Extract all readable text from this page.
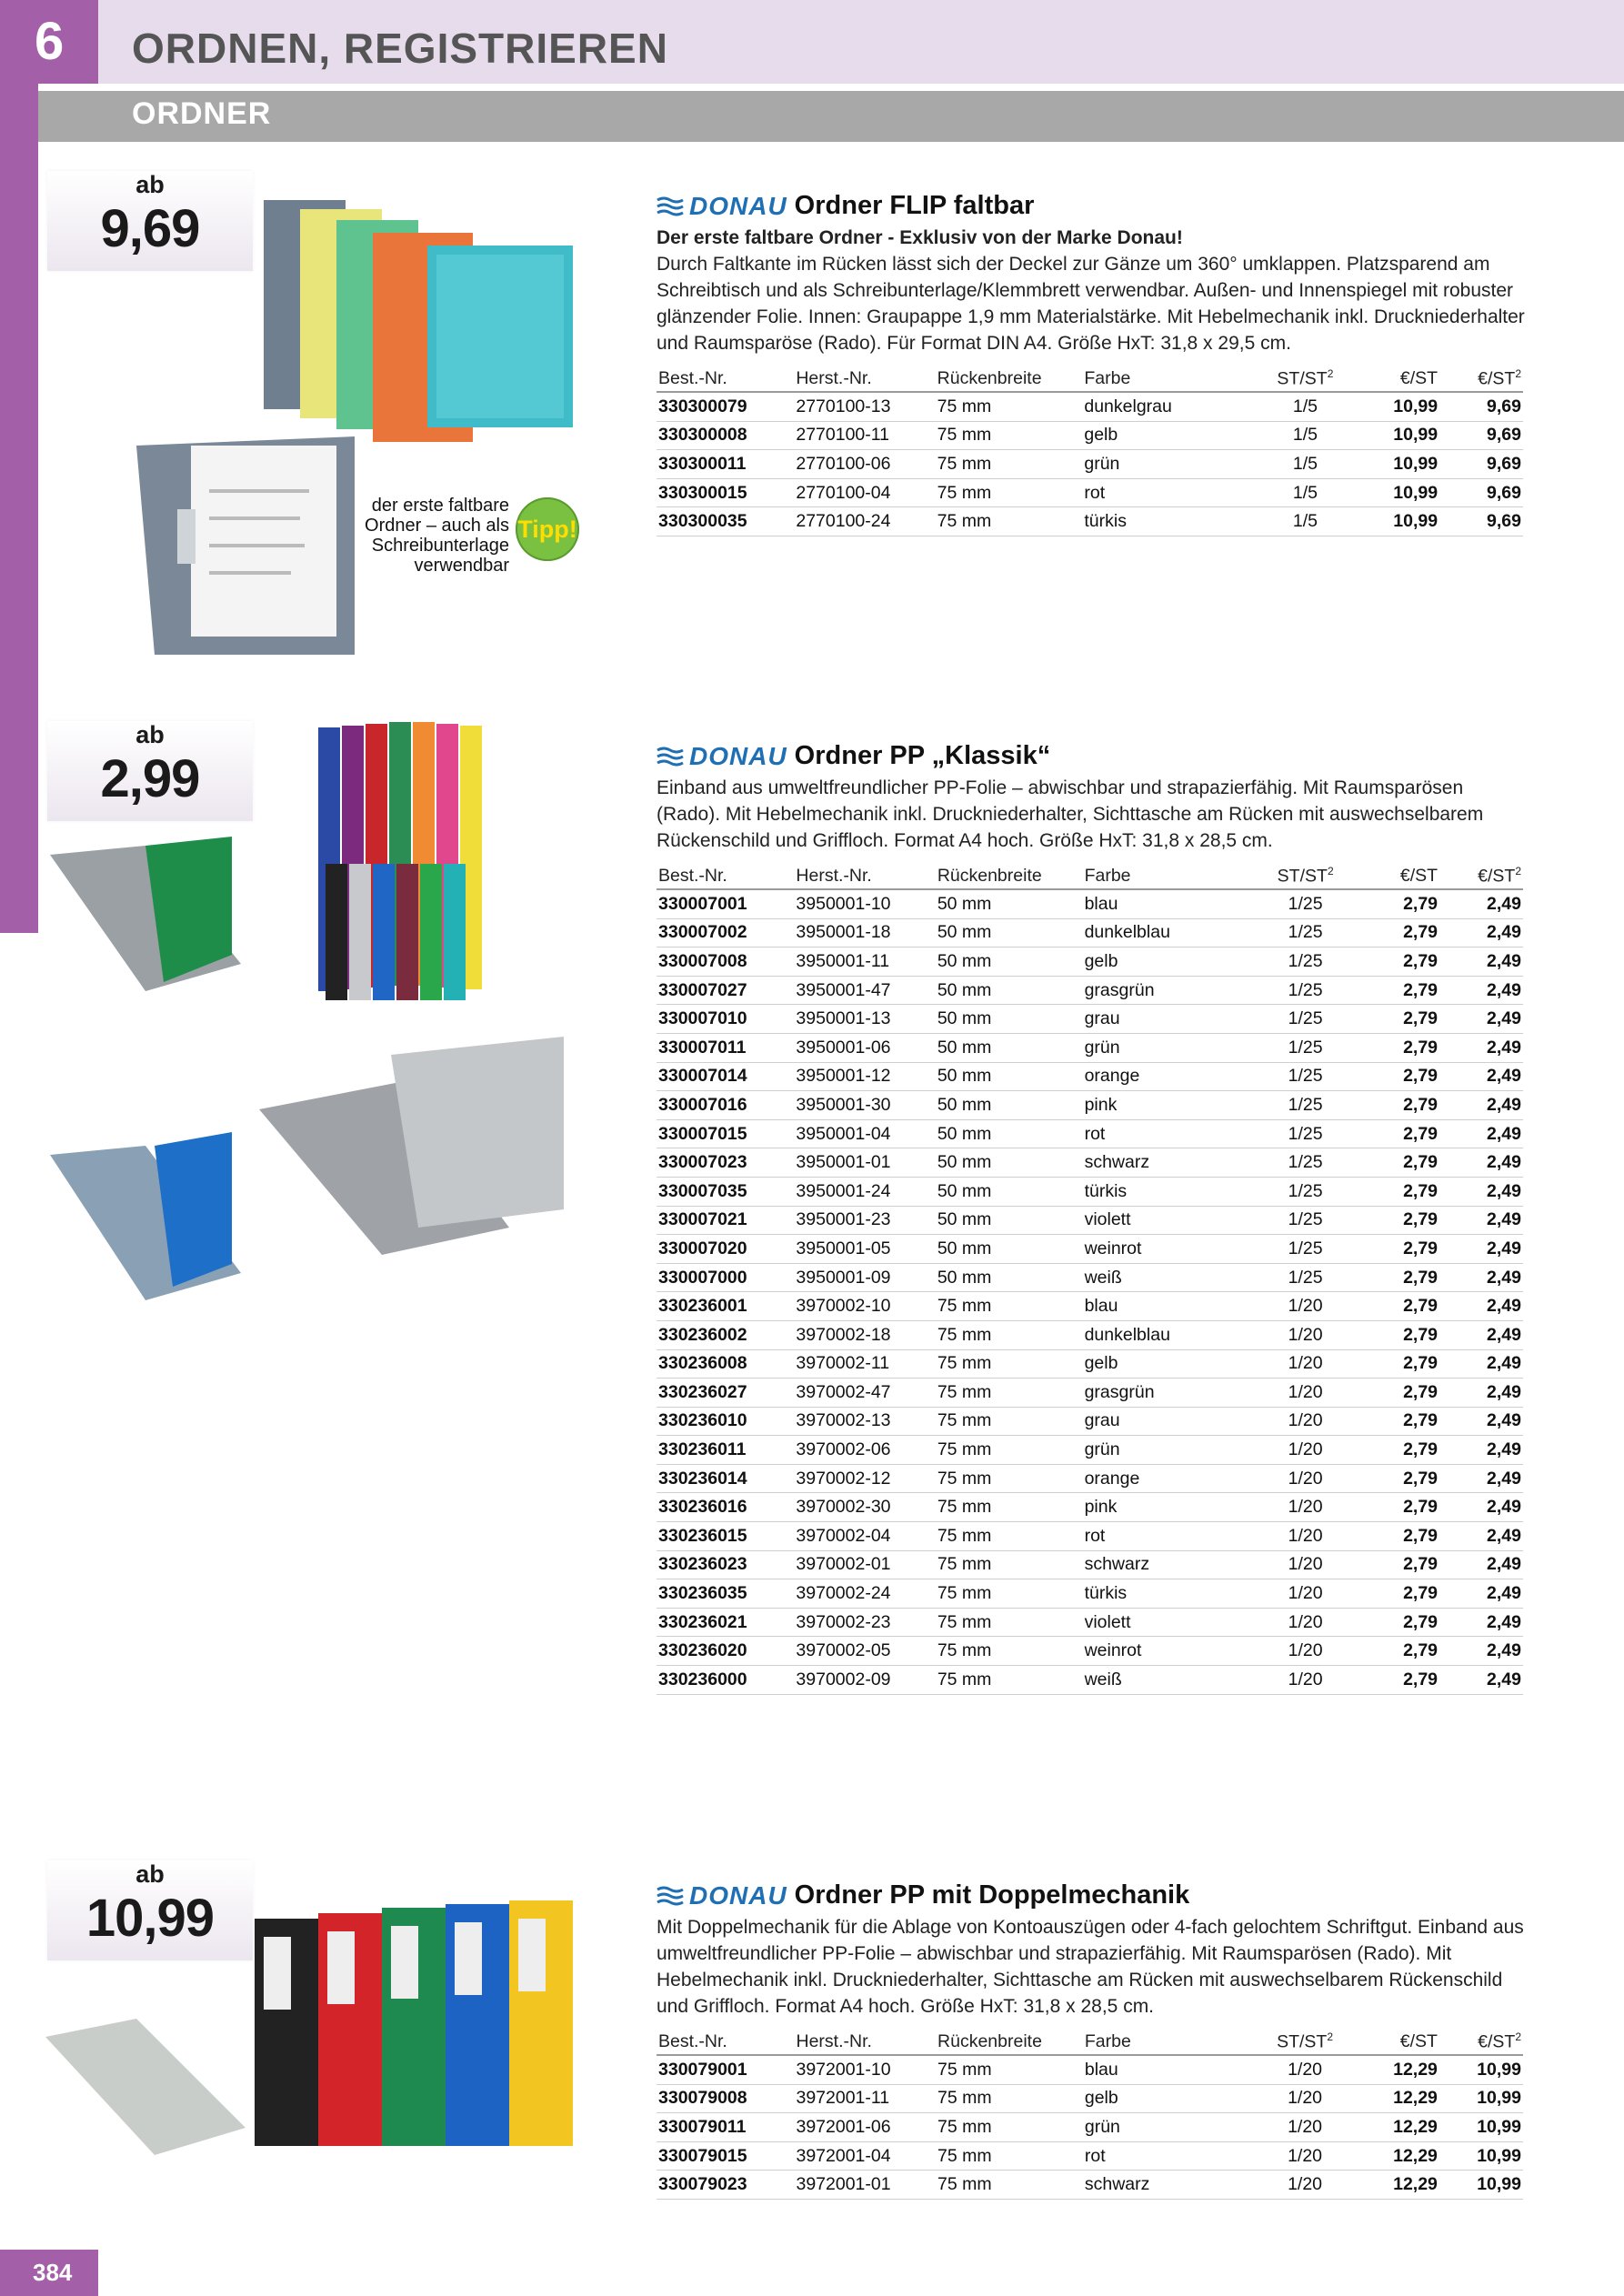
6	ORDNEN, REGISTRIEREN
ORDNER
ab
9,69
der erste faltbare
Ordner – auch als
Schreibunterlage
verwendbar
Tipp!
DONAU Ordner FLIP faltbar
Der erste faltbare Ordner - Exklusiv von der Marke Donau!
Durch Faltkante im Rücken lässt sich der Deckel zur Gänze um 360° umklappen. Platzsparend am Schreibtisch und als Schreibunterlage/Klemmbrett verwendbar. Außen- und Innenspiegel mit robuster glänzender Folie. Innen: Graupappe 1,9 mm Materialstärke. Mit Hebelmechanik inkl. Druckniederhalter und Raumsparöse (Rado). Für Format DIN A4. Größe HxT: 31,8 x 29,5 cm.
Best.-Nr.	Herst.-Nr.	Rückenbreite	Farbe	$ST/ST^2$	€/ST	$€/ST^2$
330300079	2770100-13	75 mm	dunkelgrau	1/5	10,99	9,69
330300008	2770100-11	75 mm	gelb	1/5	10,99	9,69
330300011	2770100-06	75 mm	grün	1/5	10,99	9,69
330300015	2770100-04	75 mm	rot	1/5	10,99	9,69
330300035	2770100-24	75 mm	türkis	1/5	10,99	9,69
ab
2,99	DONAU Ordner PP „Klassik“
Einband aus umweltfreundlicher PP-Folie – abwischbar und strapazierfähig. Mit Raumsparösen (Rado). Mit Hebelmechanik inkl. Druckniederhalter, Sichttasche am Rücken mit auswechselbarem Rückenschild und Griffloch. Format A4 hoch. Größe HxT: 31,8 x 28,5 cm.
Best.-Nr.	Herst.-Nr.	Rückenbreite	Farbe	$ST/ST^2$	€/ST	$€/ST^2$
330007001	3950001-10	50 mm	blau	1/25	2,79	2,49
330007002	3950001-18	50 mm	dunkelblau	1/25	2,79	2,49
330007008	3950001-11	50 mm	gelb	1/25	2,79	2,49
330007027	3950001-47	50 mm	grasgrün	1/25	2,79	2,49
330007010	3950001-13	50 mm	grau	1/25	2,79	2,49
330007011	3950001-06	50 mm	grün	1/25	2,79	2,49
330007014	3950001-12	50 mm	orange	1/25	2,79	2,49
330007016	3950001-30	50 mm	pink	1/25	2,79	2,49
330007015	3950001-04	50 mm	rot	1/25	2,79	2,49
330007023	3950001-01	50 mm	schwarz	1/25	2,79	2,49
330007035	3950001-24	50 mm	türkis	1/25	2,79	2,49
330007021	3950001-23	50 mm	violett	1/25	2,79	2,49
330007020	3950001-05	50 mm	weinrot	1/25	2,79	2,49
330007000	3950001-09	50 mm	weiß	1/25	2,79	2,49
330236001	3970002-10	75 mm	blau	1/20	2,79	2,49
330236002	3970002-18	75 mm	dunkelblau	1/20	2,79	2,49
330236008	3970002-11	75 mm	gelb	1/20	2,79	2,49
330236027	3970002-47	75 mm	grasgrün	1/20	2,79	2,49
330236010	3970002-13	75 mm	grau	1/20	2,79	2,49
330236011	3970002-06	75 mm	grün	1/20	2,79	2,49
330236014	3970002-12	75 mm	orange	1/20	2,79	2,49
330236016	3970002-30	75 mm	pink	1/20	2,79	2,49
330236015	3970002-04	75 mm	rot	1/20	2,79	2,49
330236023	3970002-01	75 mm	schwarz	1/20	2,79	2,49
330236035	3970002-24	75 mm	türkis	1/20	2,79	2,49
330236021	3970002-23	75 mm	violett	1/20	2,79	2,49
330236020	3970002-05	75 mm	weinrot	1/20	2,79	2,49
330236000	3970002-09	75 mm	weiß	1/20	2,79	2,49
ab
10,99	DONAU Ordner PP mit Doppelmechanik
Mit Doppelmechanik für die Ablage von Kontoauszügen oder 4-fach gelochtem Schriftgut. Einband aus umweltfreundlicher PP-Folie – abwischbar und strapazierfähig. Mit Raumsparösen (Rado). Mit Hebelmechanik inkl. Druckniederhalter, Sichttasche am Rücken mit auswechselbarem Rückenschild und Griffloch. Format A4 hoch. Größe HxT: 31,8 x 28,5 cm.
Best.-Nr.	Herst.-Nr.	Rückenbreite	Farbe	$ST/ST^2$	€/ST	$€/ST^2$
330079001	3972001-10	75 mm	blau	1/20	12,29	10,99
330079008	3972001-11	75 mm	gelb	1/20	12,29	10,99
330079011	3972001-06	75 mm	grün	1/20	12,29	10,99
330079015	3972001-04	75 mm	rot	1/20	12,29	10,99
330079023	3972001-01	75 mm	schwarz	1/20	12,29	10,99
384
